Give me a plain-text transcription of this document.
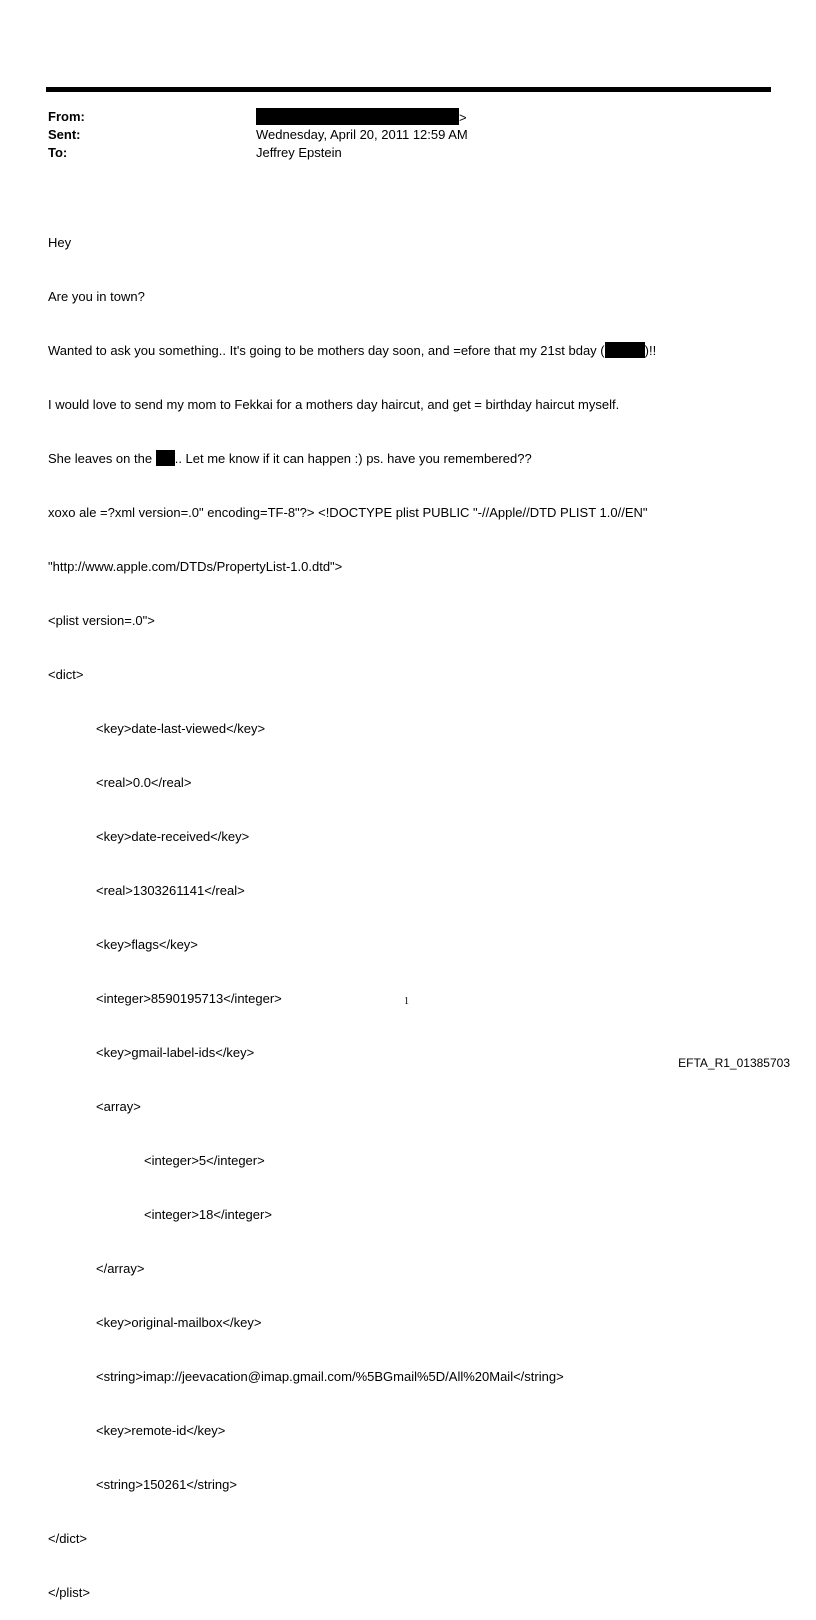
From:	>
Sent:	Wednesday, April 20, 2011 12:59 AM
To:	Jeffrey Epstein

Hey

Are you in town?

Wanted to ask you something.. It's going to be mothers day soon, and =efore that my 21st bday (	)!!

I would love to send my mom to Fekkai for a mothers day haircut, and get = birthday haircut myself.

She leaves on the .. Let me know if it can happen :) ps. have you remembered??

xoxo ale =?xml version=.0" encoding=TF-8"?> <!DOCTYPE plist PUBLIC "-//Apple//DTD PLIST 1.0//EN"

"http://www.apple.com/DTDs/PropertyList-1.0.dtd">

<plist version=.0">

<dict>

<key>date-last-viewed</key>

<real>0.0</real>

<key>date-received</key>

<real>1303261141</real>

<key>flags</key>

<integer>8590195713</integer>

<key>gmail-label-ids</key>

<array>

<integer>5</integer>

<integer>18</integer>

</array>

<key>original-mailbox</key>

<string>imap://jeevacation@imap.gmail.com/%5BGmail%5D/All%20Mail</string>

<key>remote-id</key>

<string>150261</string>

</dict>

</plist>

1
EFTA_R1_01385703
